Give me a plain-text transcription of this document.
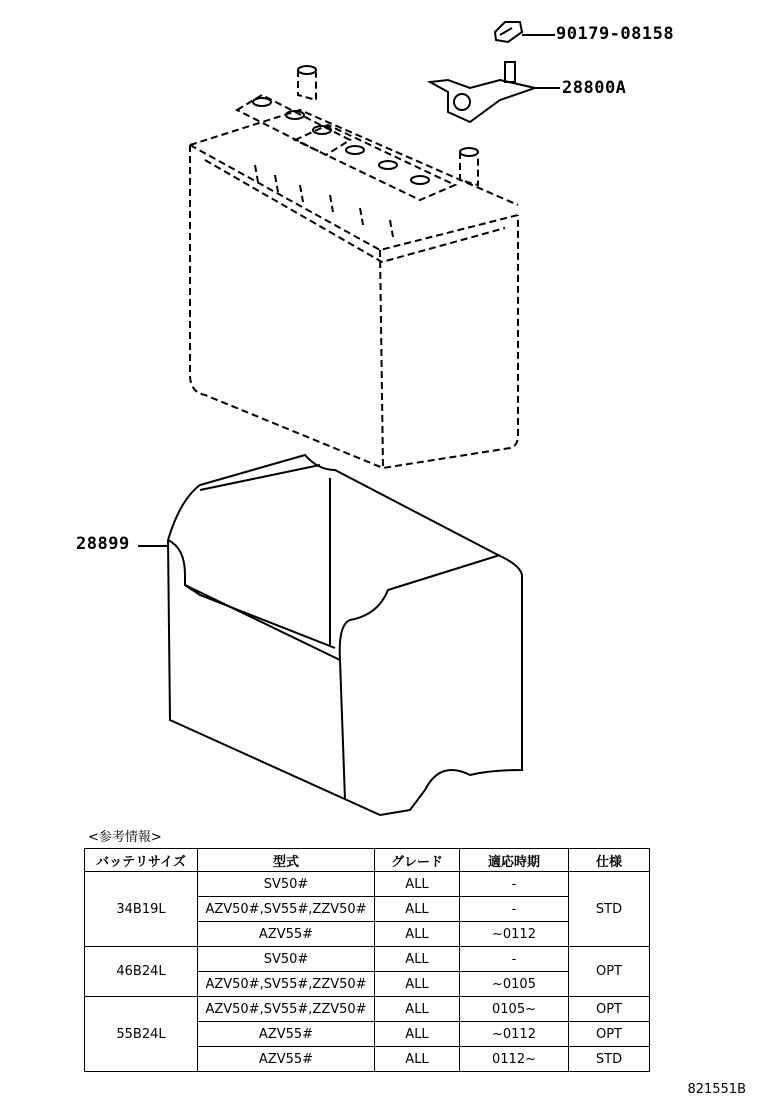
90179-08158
28800A
28899
<参考情報>
バッテリサイズ	型式	グレード	適応時期	仕様
34B19L	SV50#	ALL	-	STD
	AZV50#,SV55#,ZZV50#	ALL	-	
	AZV55#	ALL	~0112	
46B24L	SV50#	ALL	-	OPT
	AZV50#,SV55#,ZZV50#	ALL	~0105	
55B24L	AZV50#,SV55#,ZZV50#	ALL	0105~	OPT
	AZV55#	ALL	~0112	OPT
	AZV55#	ALL	0112~	STD
821551B
